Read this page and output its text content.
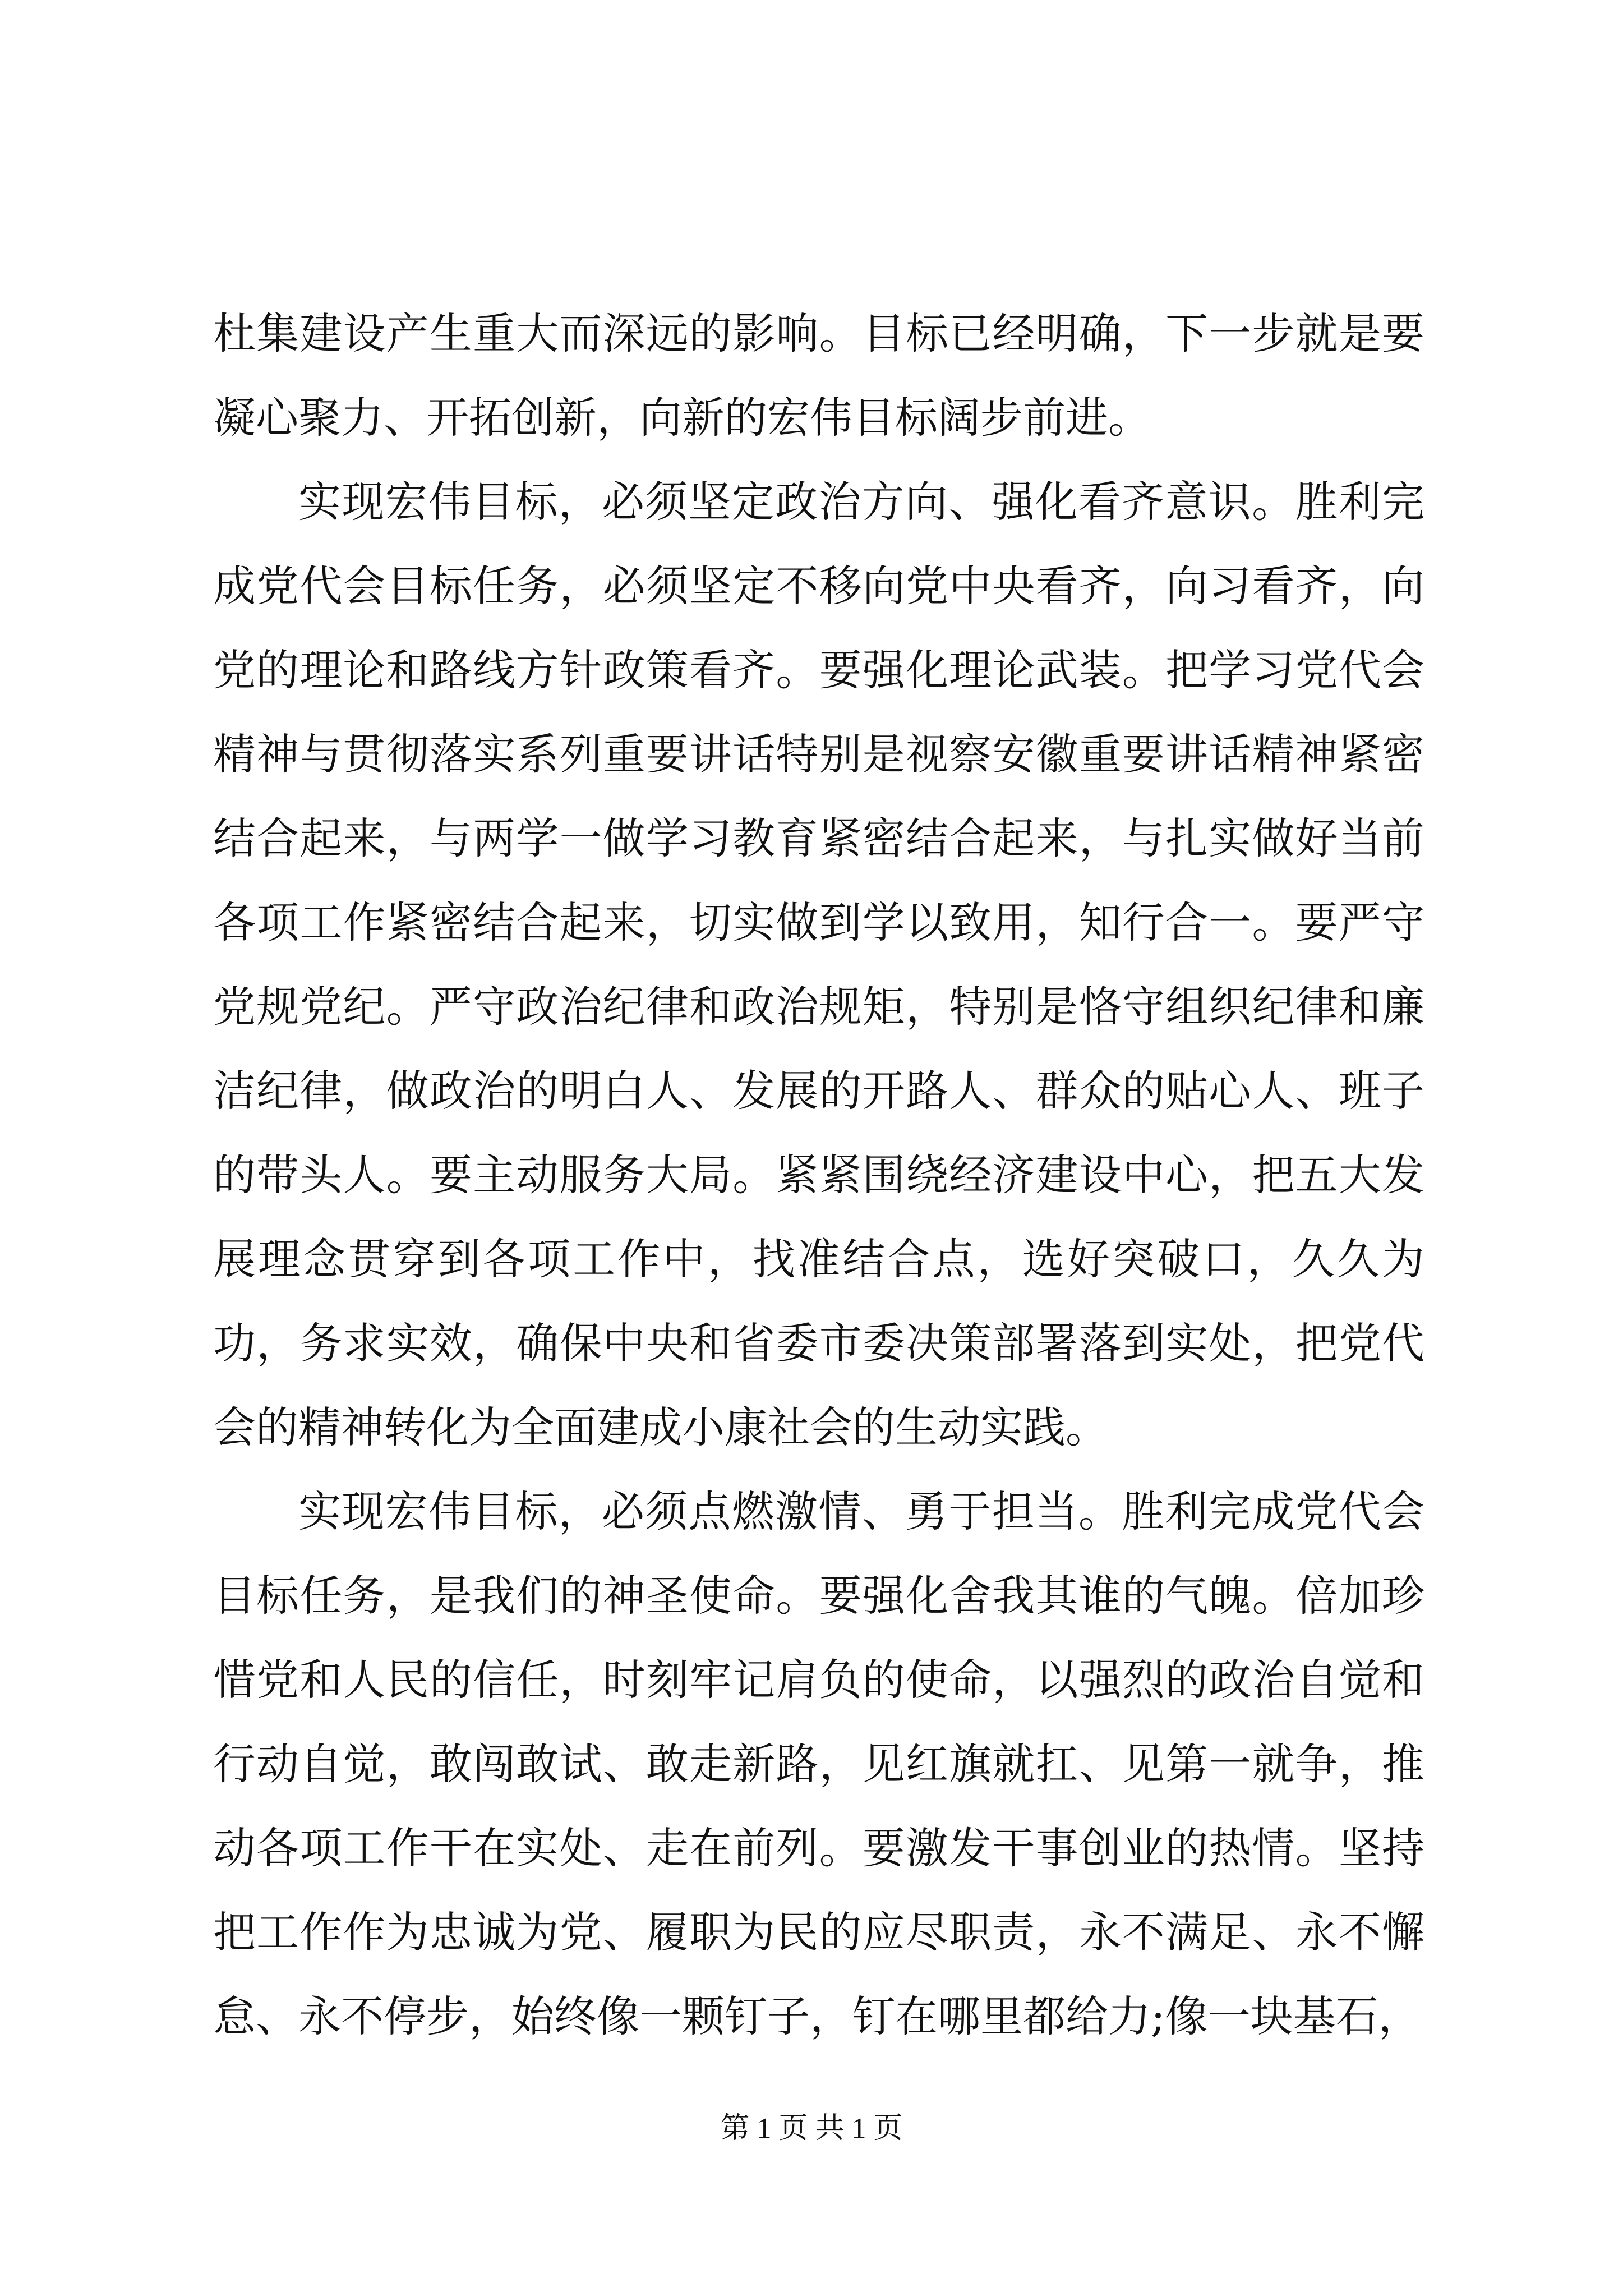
杜集建设产生重大而深远的影响。目标已经明确，下一步就是要凝心聚力、开拓创新，向新的宏伟目标阔步前进。

实现宏伟目标，必须坚定政治方向、强化看齐意识。胜利完成党代会目标任务，必须坚定不移向党中央看齐，向习看齐，向党的理论和路线方针政策看齐。要强化理论武装。把学习党代会精神与贯彻落实系列重要讲话特别是视察安徽重要讲话精神紧密结合起来，与两学一做学习教育紧密结合起来，与扎实做好当前各项工作紧密结合起来，切实做到学以致用，知行合一。要严守党规党纪。严守政治纪律和政治规矩，特别是恪守组织纪律和廉洁纪律，做政治的明白人、发展的开路人、群众的贴心人、班子的带头人。要主动服务大局。紧紧围绕经济建设中心，把五大发展理念贯穿到各项工作中，找准结合点，选好突破口，久久为功，务求实效，确保中央和省委市委决策部署落到实处，把党代会的精神转化为全面建成小康社会的生动实践。

实现宏伟目标，必须点燃激情、勇于担当。胜利完成党代会目标任务，是我们的神圣使命。要强化舍我其谁的气魄。倍加珍惜党和人民的信任，时刻牢记肩负的使命，以强烈的政治自觉和行动自觉，敢闯敢试、敢走新路，见红旗就扛、见第一就争，推动各项工作干在实处、走在前列。要激发干事创业的热情。坚持把工作作为忠诚为党、履职为民的应尽职责，永不满足、永不懈怠、永不停步，始终像一颗钉子，钉在哪里都给力;像一块基石，

第 1 页 共 1 页
